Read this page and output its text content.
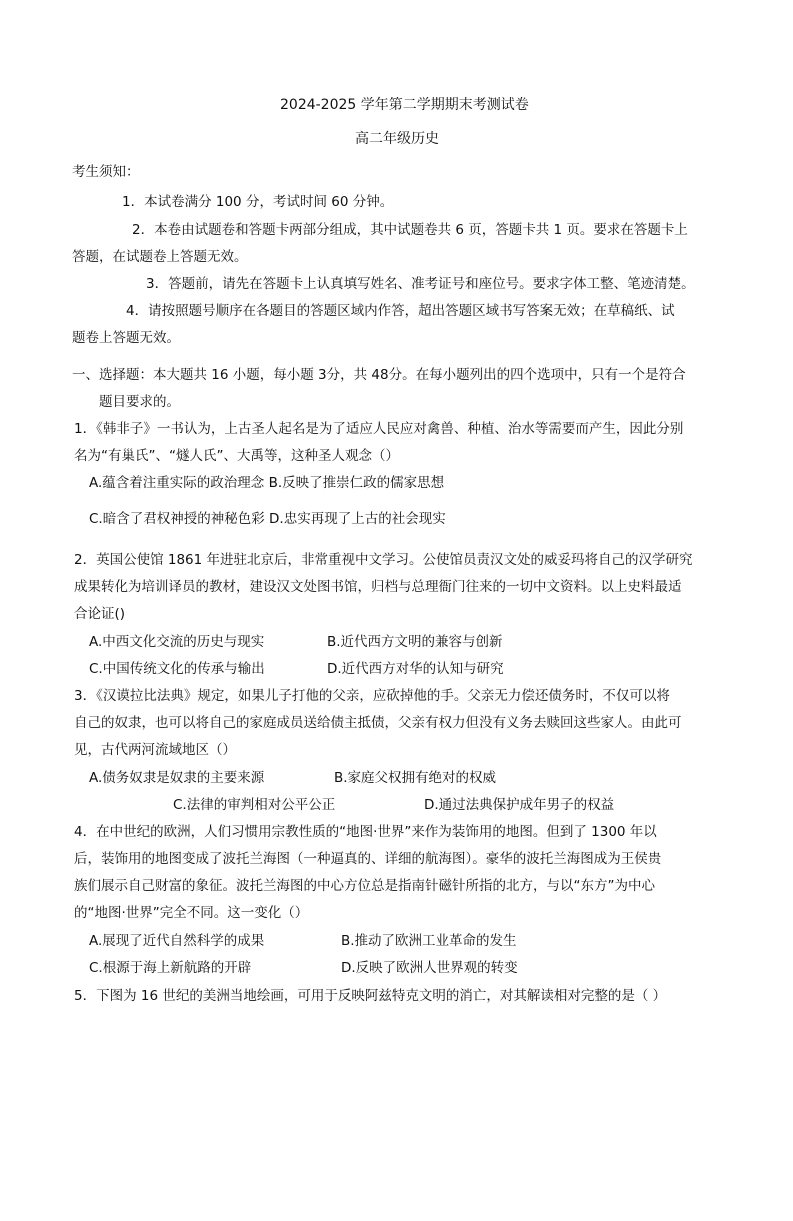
2024-2025 学年第二学期期末考测试卷
高二年级历史
考生须知：
1．本试卷满分 100 分，考试时间 60 分钟。
2．本卷由试题卷和答题卡两部分组成，其中试题卷共 6 页，答题卡共 1 页。要求在答题卡上
答题，在试题卷上答题无效。
3．答题前，请先在答题卡上认真填写姓名、准考证号和座位号。要求字体工整、笔迹清楚。
4．请按照题号顺序在各题目的答题区域内作答，超出答题区域书写答案无效；在草稿纸、试
题卷上答题无效。
一、选择题：本大题共 16 小题，每小题 3分，共 48分。在每小题列出的四个选项中，只有一个是符合
题目要求的。
1．《韩非子》一书认为，上古圣人起名是为了适应人民应对禽兽、种植、治水等需要而产生，因此分别
名为“有巢氏”、“燧人氏”、大禹等，这种圣人观念（）
A.蕴含着注重实际的政治理念 B.反映了推崇仁政的儒家思想
C.暗含了君权神授的神秘色彩 D.忠实再现了上古的社会现实
2．英国公使馆 1861 年进驻北京后，非常重视中文学习。公使馆员责汉文处的威妥玛将自己的汉学研究
成果转化为培训译员的教材，建设汉文处图书馆，归档与总理衙门往来的一切中文资料。以上史料最适
合论证()
A.中西文化交流的历史与现实	B.近代西方文明的兼容与创新
C.中国传统文化的传承与输出	D.近代西方对华的认知与研究
3．《汉谟拉比法典》规定，如果儿子打他的父亲，应砍掉他的手。父亲无力偿还债务时，不仅可以将
自己的奴隶，也可以将自己的家庭成员送给债主抵债，父亲有权力但没有义务去赎回这些家人。由此可
见，古代两河流域地区（）
A.债务奴隶是奴隶的主要来源	B.家庭父权拥有绝对的权威
C.法律的审判相对公平公正	D.通过法典保护成年男子的权益
4．在中世纪的欧洲，人们习惯用宗教性质的“地图·世界”来作为装饰用的地图。但到了 1300 年以
后，装饰用的地图变成了波托兰海图（一种逼真的、详细的航海图）。豪华的波托兰海图成为王侯贵
族们展示自己财富的象征。波托兰海图的中心方位总是指南针磁针所指的北方，与以“东方”为中心
的“地图·世界”完全不同。这一变化（）
A.展现了近代自然科学的成果	B.推动了欧洲工业革命的发生
C.根源于海上新航路的开辟	D.反映了欧洲人世界观的转变
5．下图为 16 世纪的美洲当地绘画，可用于反映阿兹特克文明的消亡，对其解读相对完整的是（ ）
